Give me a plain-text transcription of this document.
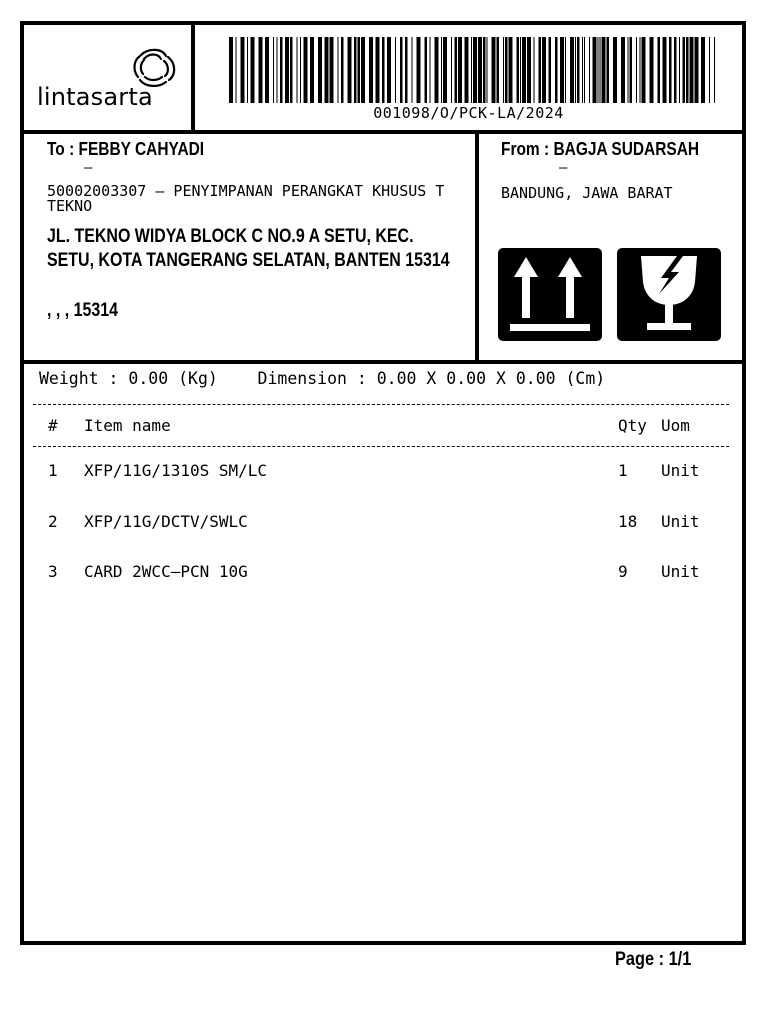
lintasarta
001098/O/PCK-LA/2024
To : FEBBY CAHYADI
–
50002003307 – PENYIMPANAN PERANGKAT KHUSUS T TEKNO
JL. TEKNO WIDYA BLOCK C NO.9 A SETU, KEC. SETU, KOTA TANGERANG SELATAN, BANTEN 15314
, , , 15314
From : BAGJA SUDARSAH
–
BANDUNG, JAWA BARAT
Weight : 0.00 (Kg)    Dimension : 0.00 X 0.00 X 0.00 (Cm)
# Item name	Qty Uom
1 XFP/11G/1310S SM/LC	1 Unit
2 XFP/11G/DCTV/SWLC	18 Unit
3 CARD 2WCC–PCN 10G	9 Unit
Page : 1/1
